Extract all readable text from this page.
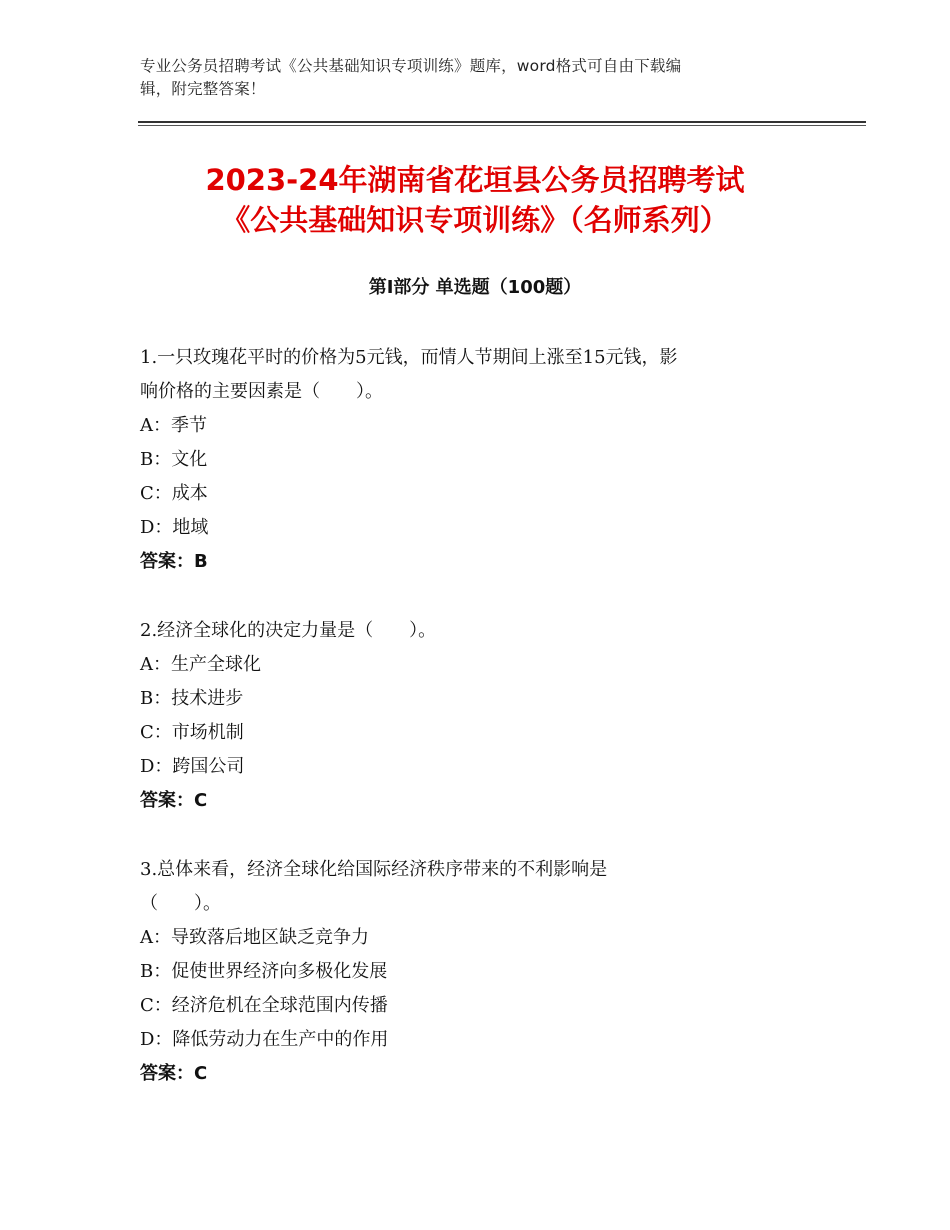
专业公务员招聘考试《公共基础知识专项训练》题库，word格式可自由下载编
辑，附完整答案！
2023-24年湖南省花垣县公务员招聘考试
《公共基础知识专项训练》（名师系列）
第Ⅰ部分 单选题（100题）
1.一只玫瑰花平时的价格为5元钱，而情人节期间上涨至15元钱，影
响价格的主要因素是（　　）。
A：季节
B：文化
C：成本
D：地域
答案：B
2.经济全球化的决定力量是（　　）。
A：生产全球化
B：技术进步
C：市场机制
D：跨国公司
答案：C
3.总体来看，经济全球化给国际经济秩序带来的不利影响是
（　　）。
A：导致落后地区缺乏竞争力
B：促使世界经济向多极化发展
C：经济危机在全球范围内传播
D：降低劳动力在生产中的作用
答案：C
